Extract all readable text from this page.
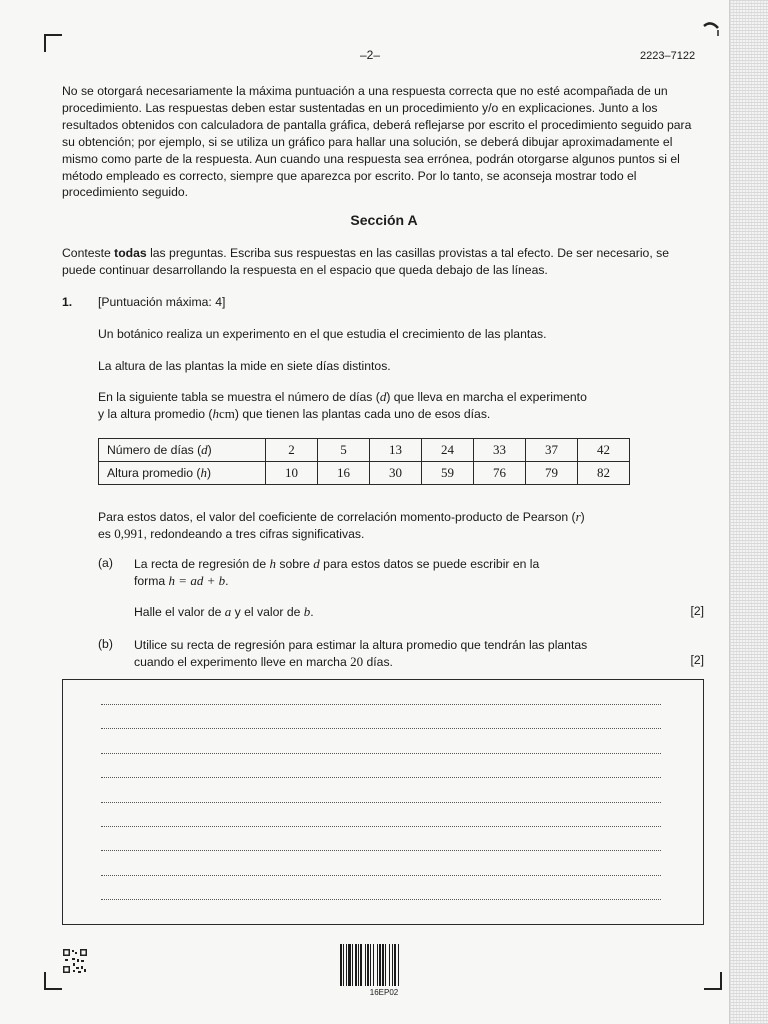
–2–	2223–7122
No se otorgará necesariamente la máxima puntuación a una respuesta correcta que no esté acompañada de un procedimiento. Las respuestas deben estar sustentadas en un procedimiento y/o en explicaciones. Junto a los resultados obtenidos con calculadora de pantalla gráfica, deberá reflejarse por escrito el procedimiento seguido para su obtención; por ejemplo, si se utiliza un gráfico para hallar una solución, se deberá dibujar aproximadamente el mismo como parte de la respuesta. Aun cuando una respuesta sea errónea, podrán otorgarse algunos puntos si el método empleado es correcto, siempre que aparezca por escrito. Por lo tanto, se aconseja mostrar todo el procedimiento seguido.
Sección A
Conteste todas las preguntas. Escriba sus respuestas en las casillas provistas a tal efecto. De ser necesario, se puede continuar desarrollando la respuesta en el espacio que queda debajo de las líneas.
1. [Puntuación máxima: 4]
Un botánico realiza un experimento en el que estudia el crecimiento de las plantas.
La altura de las plantas la mide en siete días distintos.
En la siguiente tabla se muestra el número de días (d) que lleva en marcha el experimento
y la altura promedio (hcm) que tienen las plantas cada uno de esos días.
Número de días (d)	2	5	13	24	33	37	42
Altura promedio (h)	10	16	30	59	76	79	82
Para estos datos, el valor del coeficiente de correlación momento-producto de Pearson (r)
es 0,991, redondeando a tres cifras significativas.
(a) La recta de regresión de h sobre d para estos datos se puede escribir en la
forma h = ad + b.
Halle el valor de a y el valor de b.	[2]
(b) Utilice su recta de regresión para estimar la altura promedio que tendrán las plantas
cuando el experimento lleve en marcha 20 días.	[2]
16EP02
